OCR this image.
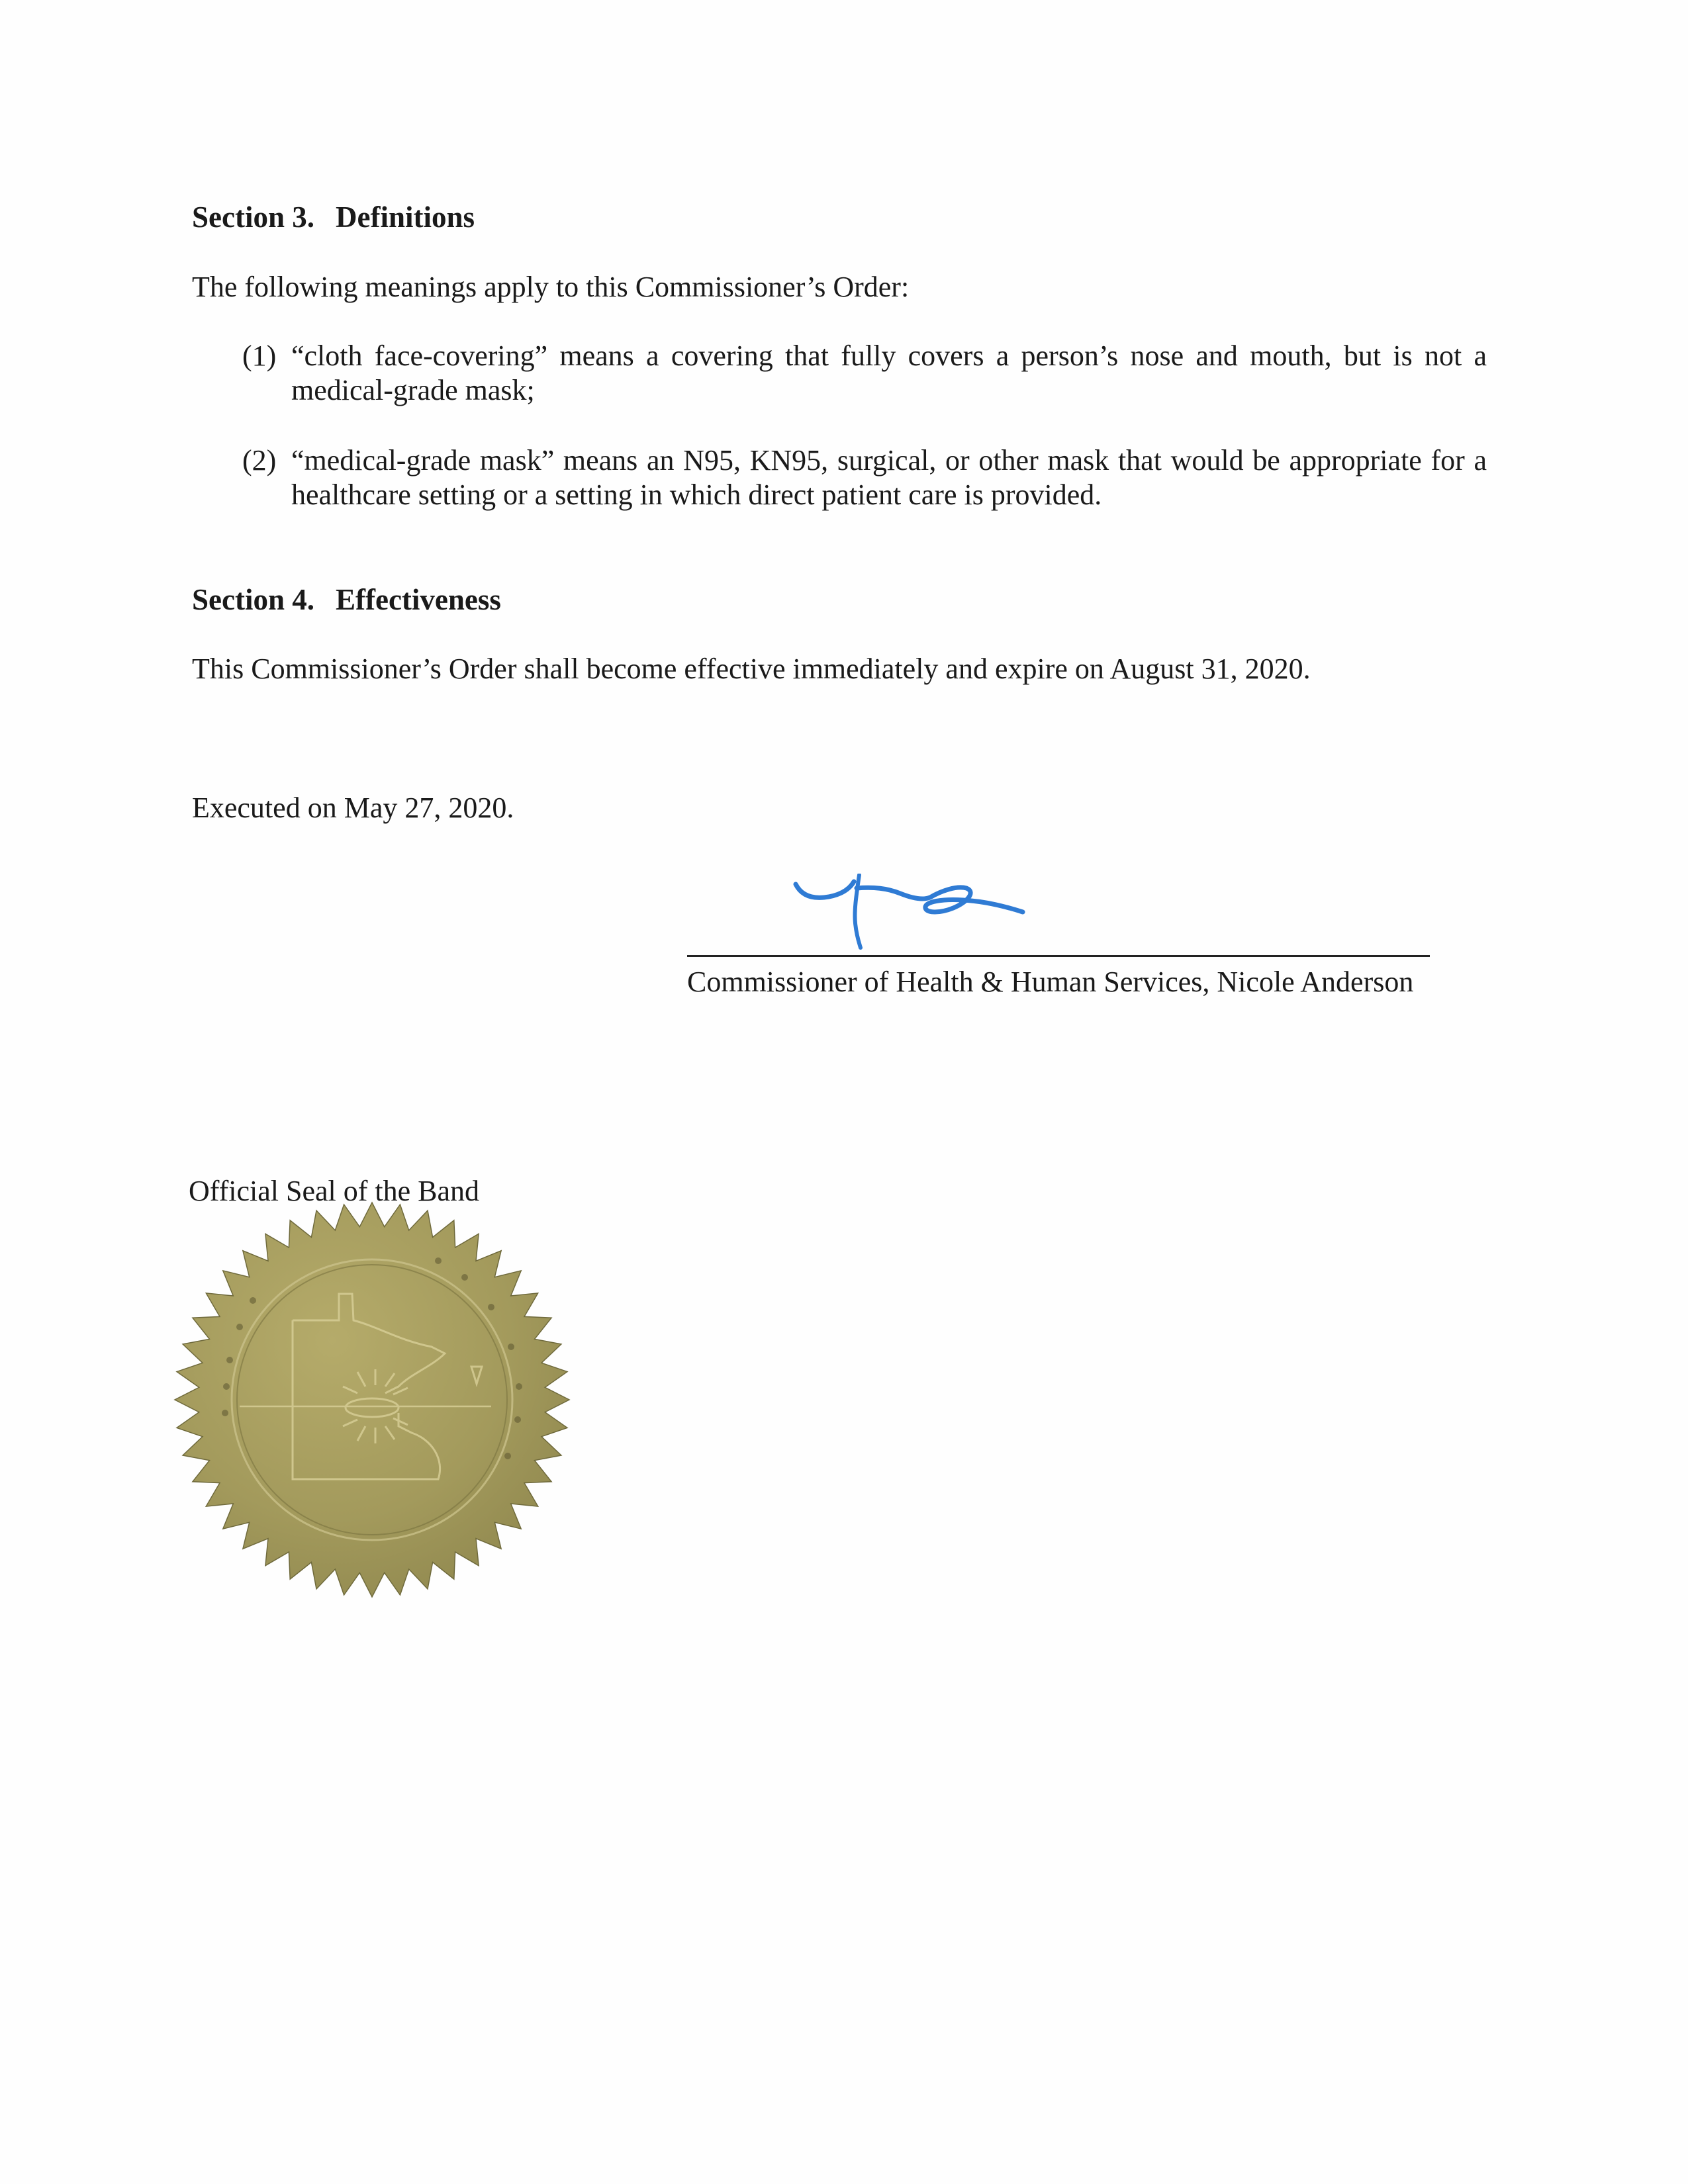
Section 3. Definitions
The following meanings apply to this Commissioner’s Order:
(1) “cloth face-covering” means a covering that fully covers a person’s nose and mouth, but is not a medical-grade mask;
(2) “medical-grade mask” means an N95, KN95, surgical, or other mask that would be appropriate for a healthcare setting or a setting in which direct patient care is provided.
Section 4. Effectiveness
This Commissioner’s Order shall become effective immediately and expire on August 31, 2020.
Executed on May 27, 2020.
Commissioner of Health & Human Services, Nicole Anderson
Official Seal of the Band
